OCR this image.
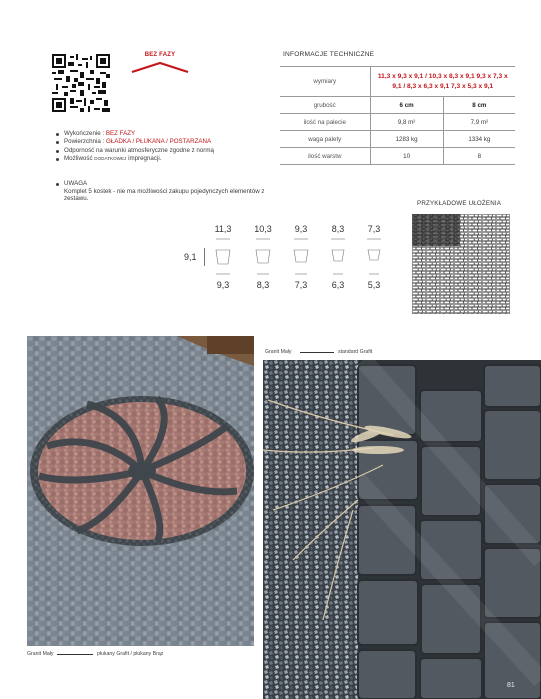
BEZ FAZY
Wykończenie : BEZ FAZY
Powierzchnia : GŁADKA / PŁUKANA / POSTARZANA
Odporność na warunki atmosferyczne zgodne z normą
Możliwość DODATKOWEJ impregnacji.
UWAGA
Komplet 5 kostek - nie ma możliwości zakupu pojedynczych elementów z zestawu.
INFORMACJE TECHNICZNE
wymiary	11,3 x 9,3 x 9,1 / 10,3 x 8,3 x 9,1 9,3 x 7,3 x 9,1 / 8,3 x 6,3 x 9,1 7,3 x 5,3 x 9,1	

grubość	6 cm	8 cm
ilość na palecie	9,8 m²	7,9 m²
waga palety	1283 kg	1334 kg
ilość warstw	10	8
9,1
11,3	10,3	9,3	8,3	7,3
9,3	8,3	7,3	6,3	5,3
PRZYKŁADOWE UŁOŻENIA
Granit Mały	płukany Grafit / płukany Brąz
Granit Mały	standard Grafit
81
